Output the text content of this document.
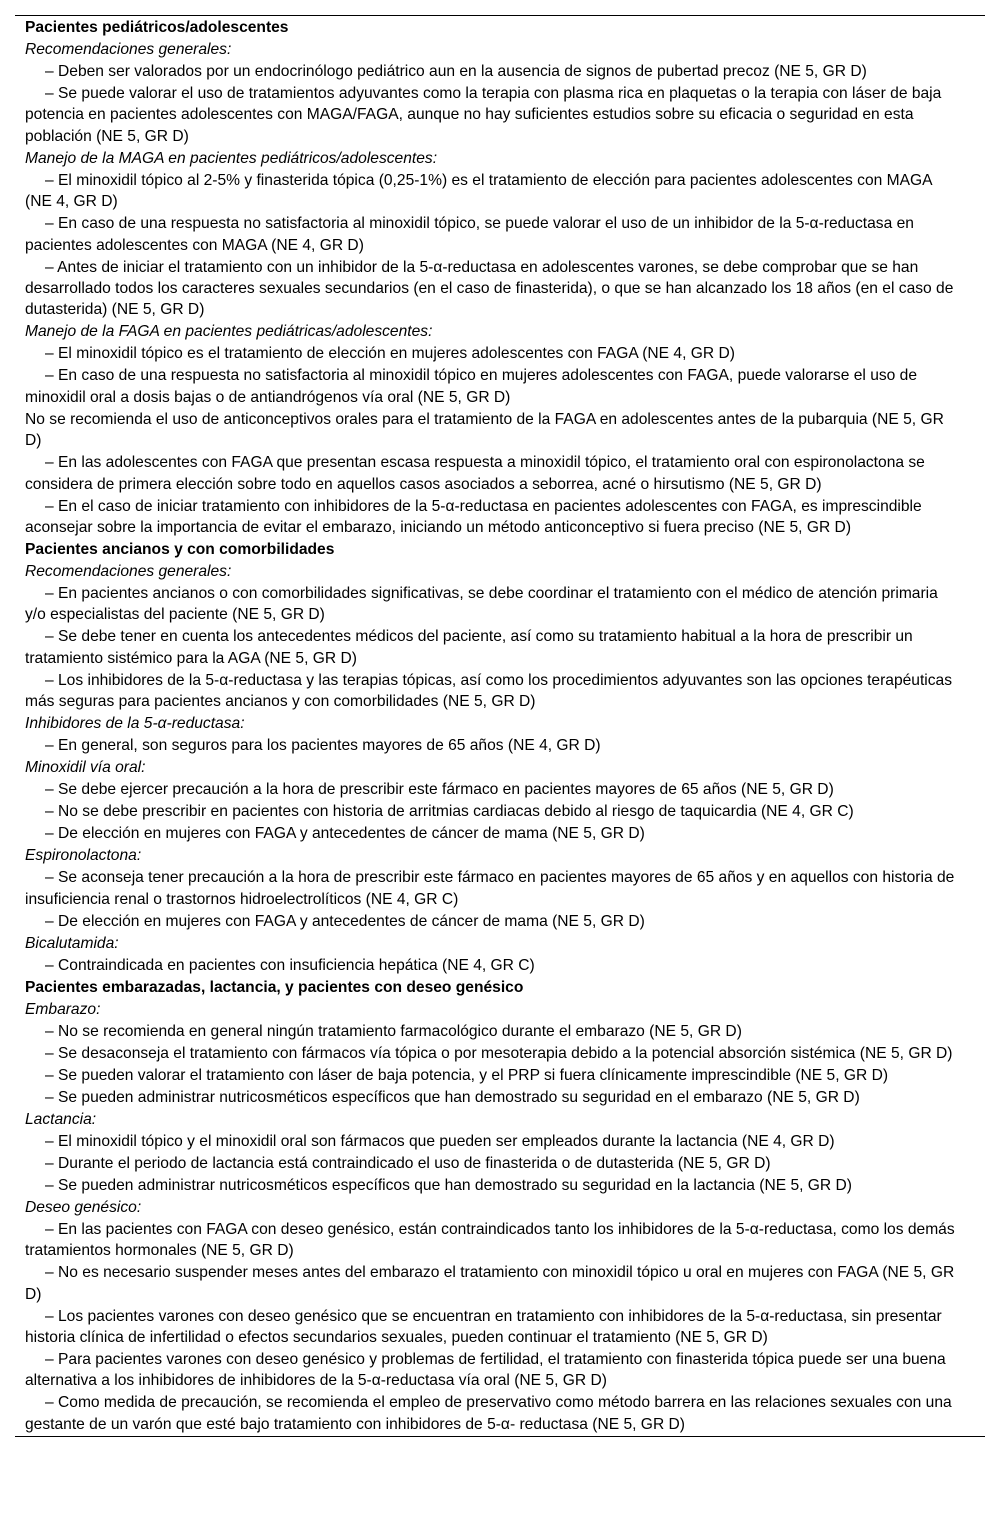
Pacientes pediátricos/adolescentes
Recomendaciones generales:
– Deben ser valorados por un endocrinólogo pediátrico aun en la ausencia de signos de pubertad precoz (NE 5, GR D)
– Se puede valorar el uso de tratamientos adyuvantes como la terapia con plasma rica en plaquetas o la terapia con láser de baja potencia en pacientes adolescentes con MAGA/FAGA, aunque no hay suficientes estudios sobre su eficacia o seguridad en esta población (NE 5, GR D)
Manejo de la MAGA en pacientes pediátricos/adolescentes:
– El minoxidil tópico al 2-5% y finasterida tópica (0,25-1%) es el tratamiento de elección para pacientes adolescentes con MAGA (NE 4, GR D)
– En caso de una respuesta no satisfactoria al minoxidil tópico, se puede valorar el uso de un inhibidor de la 5-α-reductasa en pacientes adolescentes con MAGA (NE 4, GR D)
– Antes de iniciar el tratamiento con un inhibidor de la 5-α-reductasa en adolescentes varones, se debe comprobar que se han desarrollado todos los caracteres sexuales secundarios (en el caso de finasterida), o que se han alcanzado los 18 años (en el caso de dutasterida) (NE 5, GR D)
Manejo de la FAGA en pacientes pediátricas/adolescentes:
– El minoxidil tópico es el tratamiento de elección en mujeres adolescentes con FAGA (NE 4, GR D)
– En caso de una respuesta no satisfactoria al minoxidil tópico en mujeres adolescentes con FAGA, puede valorarse el uso de minoxidil oral a dosis bajas o de antiandrógenos vía oral (NE 5, GR D)
No se recomienda el uso de anticonceptivos orales para el tratamiento de la FAGA en adolescentes antes de la pubarquia (NE 5, GR D)
– En las adolescentes con FAGA que presentan escasa respuesta a minoxidil tópico, el tratamiento oral con espironolactona se considera de primera elección sobre todo en aquellos casos asociados a seborrea, acné o hirsutismo (NE 5, GR D)
– En el caso de iniciar tratamiento con inhibidores de la 5-α-reductasa en pacientes adolescentes con FAGA, es imprescindible aconsejar sobre la importancia de evitar el embarazo, iniciando un método anticonceptivo si fuera preciso (NE 5, GR D)
Pacientes ancianos y con comorbilidades
Recomendaciones generales:
– En pacientes ancianos o con comorbilidades significativas, se debe coordinar el tratamiento con el médico de atención primaria y/o especialistas del paciente (NE 5, GR D)
– Se debe tener en cuenta los antecedentes médicos del paciente, así como su tratamiento habitual a la hora de prescribir un tratamiento sistémico para la AGA (NE 5, GR D)
– Los inhibidores de la 5-α-reductasa y las terapias tópicas, así como los procedimientos adyuvantes son las opciones terapéuticas más seguras para pacientes ancianos y con comorbilidades (NE 5, GR D)
Inhibidores de la 5-α-reductasa:
– En general, son seguros para los pacientes mayores de 65 años (NE 4, GR D)
Minoxidil vía oral:
– Se debe ejercer precaución a la hora de prescribir este fármaco en pacientes mayores de 65 años (NE 5, GR D)
– No se debe prescribir en pacientes con historia de arritmias cardiacas debido al riesgo de taquicardia (NE 4, GR C)
– De elección en mujeres con FAGA y antecedentes de cáncer de mama (NE 5, GR D)
Espironolactona:
– Se aconseja tener precaución a la hora de prescribir este fármaco en pacientes mayores de 65 años y en aquellos con historia de insuficiencia renal o trastornos hidroelectrolíticos (NE 4, GR C)
– De elección en mujeres con FAGA y antecedentes de cáncer de mama (NE 5, GR D)
Bicalutamida:
– Contraindicada en pacientes con insuficiencia hepática (NE 4, GR C)
Pacientes embarazadas, lactancia, y pacientes con deseo genésico
Embarazo:
– No se recomienda en general ningún tratamiento farmacológico durante el embarazo (NE 5, GR D)
– Se desaconseja el tratamiento con fármacos vía tópica o por mesoterapia debido a la potencial absorción sistémica (NE 5, GR D)
– Se pueden valorar el tratamiento con láser de baja potencia, y el PRP si fuera clínicamente imprescindible (NE 5, GR D)
– Se pueden administrar nutricosméticos específicos que han demostrado su seguridad en el embarazo (NE 5, GR D)
Lactancia:
– El minoxidil tópico y el minoxidil oral son fármacos que pueden ser empleados durante la lactancia (NE 4, GR D)
– Durante el periodo de lactancia está contraindicado el uso de finasterida o de dutasterida (NE 5, GR D)
– Se pueden administrar nutricosméticos específicos que han demostrado su seguridad en la lactancia (NE 5, GR D)
Deseo genésico:
– En las pacientes con FAGA con deseo genésico, están contraindicados tanto los inhibidores de la 5-α-reductasa, como los demás tratamientos hormonales (NE 5, GR D)
– No es necesario suspender meses antes del embarazo el tratamiento con minoxidil tópico u oral en mujeres con FAGA (NE 5, GR D)
– Los pacientes varones con deseo genésico que se encuentran en tratamiento con inhibidores de la 5-α-reductasa, sin presentar historia clínica de infertilidad o efectos secundarios sexuales, pueden continuar el tratamiento (NE 5, GR D)
– Para pacientes varones con deseo genésico y problemas de fertilidad, el tratamiento con finasterida tópica puede ser una buena alternativa a los inhibidores de inhibidores de la 5-α-reductasa vía oral (NE 5, GR D)
– Como medida de precaución, se recomienda el empleo de preservativo como método barrera en las relaciones sexuales con una gestante de un varón que esté bajo tratamiento con inhibidores de 5-α- reductasa (NE 5, GR D)
